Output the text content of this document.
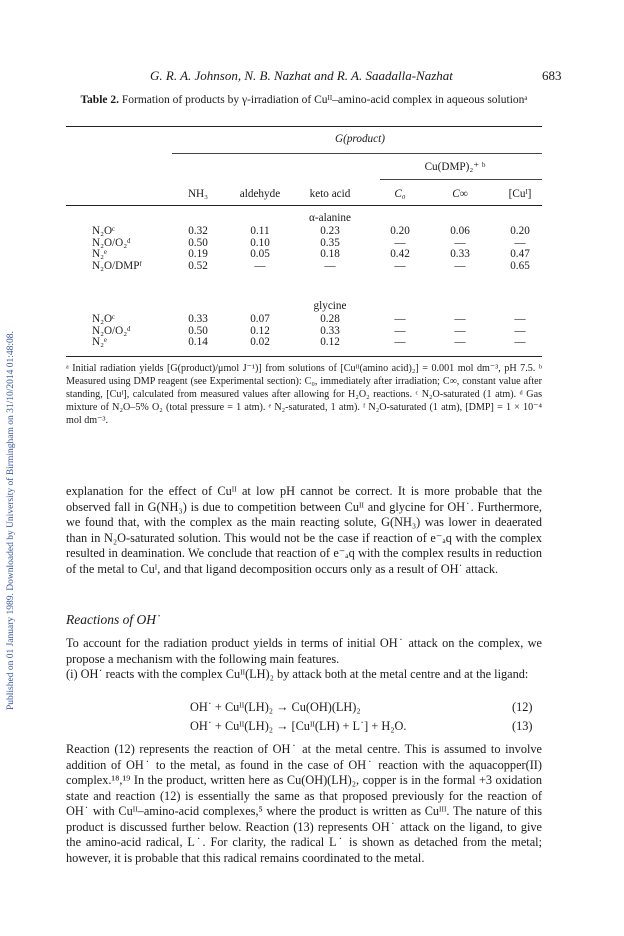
Published on 01 January 1989. Downloaded by University of Birmingham on 31/10/2014 01:48:08.
G. R. A. Johnson, N. B. Nazhat and R. A. Saadalla-Nazhat	683
Table 2. Formation of products by γ-irradiation of Cuᴵᴵ–amino-acid complex in aqueous solutionᵃ
G(product)
Cu(DMP)₂⁺ ᵇ
NH₃	aldehyde	keto acid	C₀	C∞	[Cuᴵ]
α-alanine
N₂Oᶜ	0.32	0.11	0.23	0.20	0.06	0.20
N₂O/O₂ᵈ	0.50	0.10	0.35	—	—	—
N₂ᵉ	0.19	0.05	0.18	0.42	0.33	0.47
N₂O/DMPᶠ	0.52	—	—	—	—	0.65
glycine
N₂Oᶜ	0.33	0.07	0.28	—	—	—
N₂O/O₂ᵈ	0.50	0.12	0.33	—	—	—
N₂ᵉ	0.14	0.02	0.12	—	—	—
ᵃ Initial radiation yields [G(product)/μmol J⁻¹)] from solutions of [Cuᴵᴵ(amino acid)₂] = 0.001 mol dm⁻³, pH 7.5. ᵇ Measured using DMP reagent (see Experimental section): C₀, immediately after irradiation; C∞, constant value after standing, [Cuᴵ], calculated from measured values after allowing for H₂O₂ reactions. ᶜ N₂O-saturated (1 atm). ᵈ Gas mixture of N₂O–5% O₂ (total pressure = 1 atm). ᵉ N₂-saturated, 1 atm). ᶠ N₂O-saturated (1 atm), [DMP] = 1 × 10⁻⁴ mol dm⁻³.
explanation for the effect of Cuᴵᴵ at low pH cannot be correct. It is more probable that the observed fall in G(NH₃) is due to competition between Cuᴵᴵ and glycine for OH˙. Furthermore, we found that, with the complex as the main reacting solute, G(NH₃) was lower in deaerated than in N₂O-saturated solution. This would not be the case if reaction of e⁻ₐq with the complex resulted in deamination. We conclude that reaction of e⁻ₐq with the complex results in reduction of the metal to Cuᴵ, and that ligand decomposition occurs only as a result of OH˙ attack.
Reactions of OH˙
To account for the radiation product yields in terms of initial OH˙ attack on the complex, we propose a mechanism with the following main features.
(i) OH˙ reacts with the complex Cuᴵᴵ(LH)₂ by attack both at the metal centre and at the ligand:
OH˙ + Cuᴵᴵ(LH)₂ → Cu(OH)(LH)₂	(12)
OH˙ + Cuᴵᴵ(LH)₂ → [Cuᴵᴵ(LH) + L˙] + H₂O.	(13)
Reaction (12) represents the reaction of OH˙ at the metal centre. This is assumed to involve addition of OH˙ to the metal, as found in the case of OH˙ reaction with the aquacopper(II) complex.¹⁸,¹⁹ In the product, written here as Cu(OH)(LH)₂, copper is in the formal +3 oxidation state and reaction (12) is essentially the same as that proposed previously for the reaction of OH˙ with Cuᴵᴵ–amino-acid complexes,⁵ where the product is written as Cuᴵᴵᴵ. The nature of this product is discussed further below. Reaction (13) represents OH˙ attack on the ligand, to give the amino-acid radical, L˙. For clarity, the radical L˙ is shown as detached from the metal; however, it is probable that this radical remains coordinated to the metal.
